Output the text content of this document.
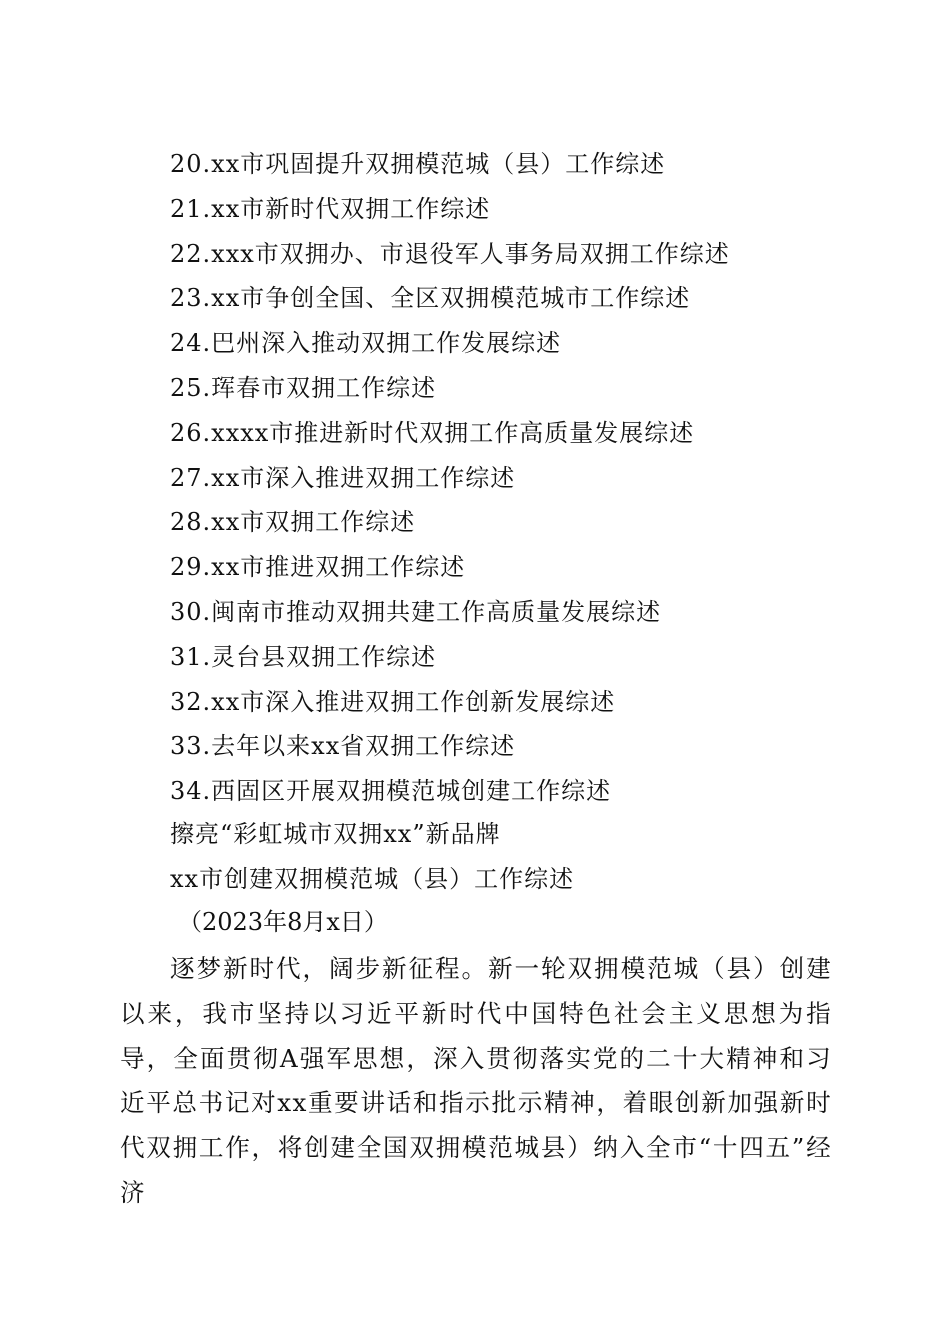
20.xx市巩固提升双拥模范城（县）工作综述
21.xx市新时代双拥工作综述
22.xxx市双拥办、市退役军人事务局双拥工作综述
23.xx市争创全国、全区双拥模范城市工作综述
24.巴州深入推动双拥工作发展综述
25.珲春市双拥工作综述
26.xxxx市推进新时代双拥工作高质量发展综述
27.xx市深入推进双拥工作综述
28.xx市双拥工作综述
29.xx市推进双拥工作综述
30.闽南市推动双拥共建工作高质量发展综述
31.灵台县双拥工作综述
32.xx市深入推进双拥工作创新发展综述
33.去年以来xx省双拥工作综述
34.西固区开展双拥模范城创建工作综述
擦亮“彩虹城市双拥xx”新品牌
xx市创建双拥模范城（县）工作综述
（2023年8月x日）

逐梦新时代，阔步新征程。新一轮双拥模范城（县）创建以来，我市坚持以习近平新时代中国特色社会主义思想为指导，全面贯彻A强军思想，深入贯彻落实党的二十大精神和习近平总书记对xx重要讲话和指示批示精神，着眼创新加强新时代双拥工作，将创建全国双拥模范城县）纳入全市“十四五”经济
